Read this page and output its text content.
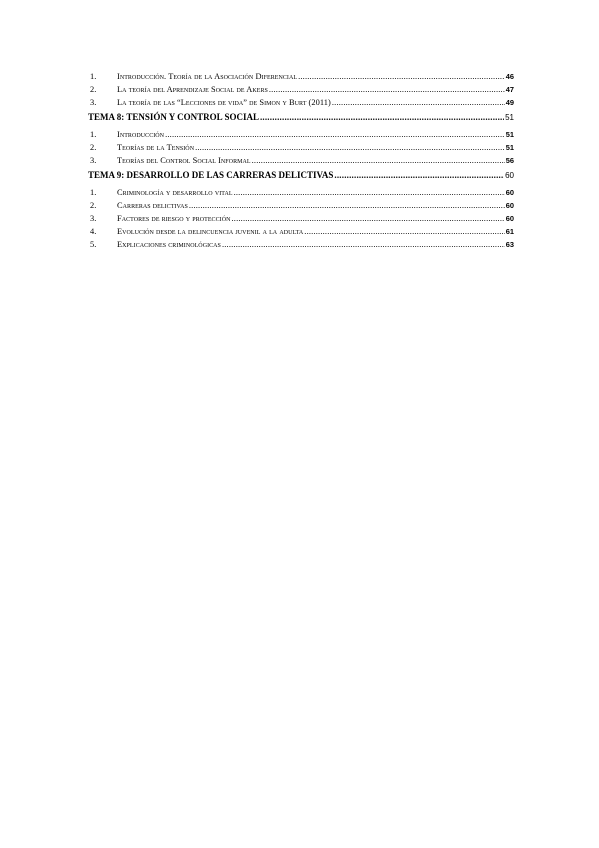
1.	Introducción. Teoría de la Asociación Diferencial .....	46
2.	La teoría del Aprendizaje Social de Akers .....	47
3.	La teoría de las “Lecciones de vida” de Simon y Burt (2011) .....	49
TEMA 8: TENSIÓN Y CONTROL SOCIAL .....	51
1.	Introducción .....	51
2.	Teorías de la Tensión .....	51
3.	Teorías del Control Social Informal .....	56
TEMA 9: DESARROLLO DE LAS CARRERAS DELICTIVAS .....	60
1.	Criminología y desarrollo vital .....	60
2.	Carreras delictivas .....	60
3.	Factores de riesgo y protección .....	60
4.	Evolución desde la delincuencia juvenil a la adulta .....	61
5.	Explicaciones criminológicas .....	63
